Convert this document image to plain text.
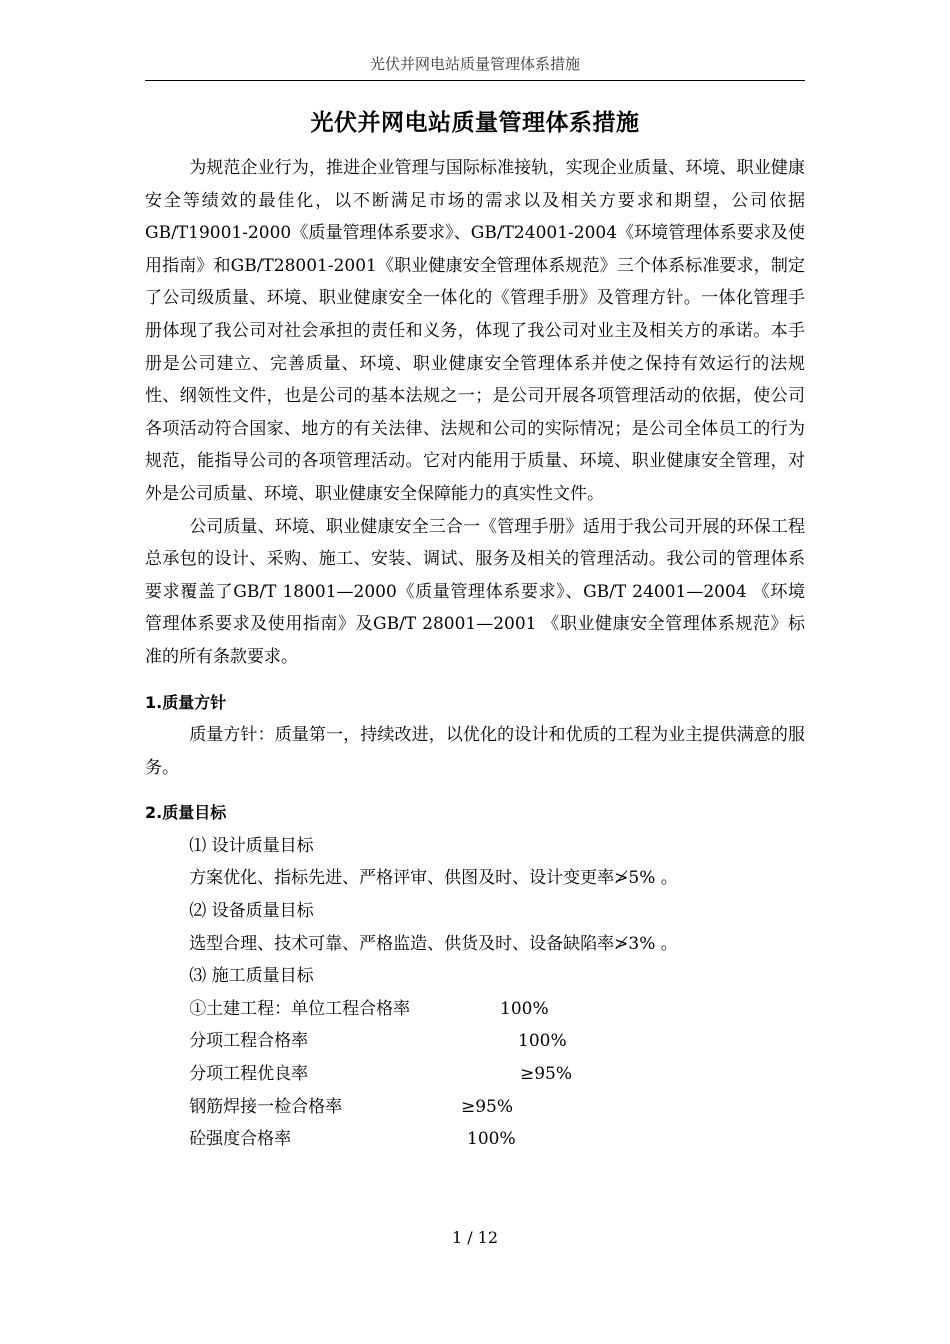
光伏并网电站质量管理体系措施
光伏并网电站质量管理体系措施

为规范企业行为，推进企业管理与国际标准接轨，实现企业质量、环境、职业健康安全等绩效的最佳化，以不断满足市场的需求以及相关方要求和期望，公司依据GB/T19001-2000《质量管理体系要求》、GB/T24001-2004《环境管理体系要求及使用指南》和GB/T28001-2001《职业健康安全管理体系规范》三个体系标准要求，制定了公司级质量、环境、职业健康安全一体化的《管理手册》及管理方针。一体化管理手册体现了我公司对社会承担的责任和义务，体现了我公司对业主及相关方的承诺。本手册是公司建立、完善质量、环境、职业健康安全管理体系并使之保持有效运行的法规性、纲领性文件，也是公司的基本法规之一；是公司开展各项管理活动的依据，使公司各项活动符合国家、地方的有关法律、法规和公司的实际情况；是公司全体员工的行为规范，能指导公司的各项管理活动。它对内能用于质量、环境、职业健康安全管理，对外是公司质量、环境、职业健康安全保障能力的真实性文件。

公司质量、环境、职业健康安全三合一《管理手册》适用于我公司开展的环保工程总承包的设计、采购、施工、安装、调试、服务及相关的管理活动。我公司的管理体系要求覆盖了GB/T 18001—2000《质量管理体系要求》、GB/T 24001—2004 《环境管理体系要求及使用指南》及GB/T 28001—2001 《职业健康安全管理体系规范》标准的所有条款要求。

1.质量方针

质量方针：质量第一，持续改进，以优化的设计和优质的工程为业主提供满意的服务。

2.质量目标

⑴ 设计质量目标

方案优化、指标先进、严格评审、供图及时、设计变更率≯5% 。

⑵ 设备质量目标

选型合理、技术可靠、严格监造、供货及时、设备缺陷率≯3% 。

⑶ 施工质量目标

①土建工程：单位工程合格率	100%
分项工程合格率	100%
分项工程优良率	≥95%
钢筋焊接一检合格率	≥95%
砼强度合格率	100%
1 / 12
